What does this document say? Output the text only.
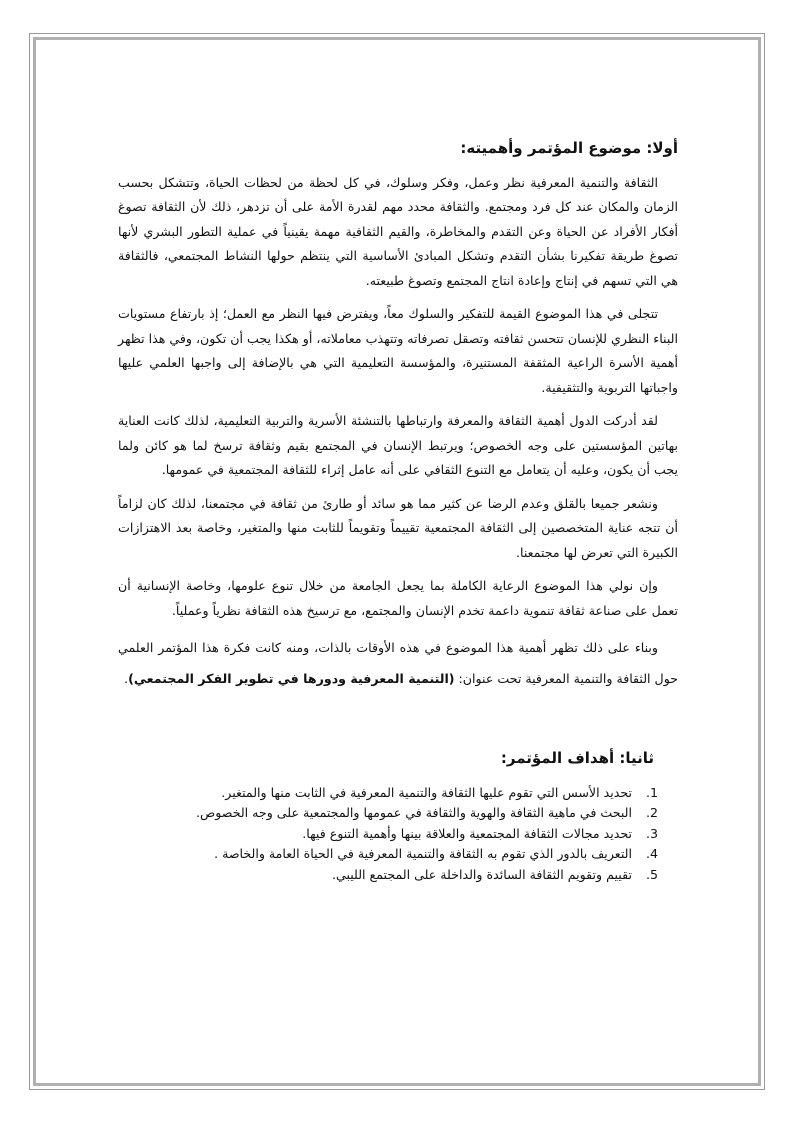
أولا: موضوع المؤتمر وأهميته:

الثقافة والتنمية المعرفية نظر وعمل، وفكر وسلوك، في كل لحظة من لحظات الحياة، وتتشكل بحسب الزمان والمكان عند كل فرد ومجتمع. والثقافة محدد مهم لقدرة الأمة على أن تزدهر، ذلك لأن الثقافة تصوغ أفكار الأفراد عن الحياة وعن التقدم والمخاطرة، والقيم الثقافية مهمة يقينياً في عملية التطور البشري لأنها تصوغ طريقة تفكيرنا بشأن التقدم وتشكل المبادئ الأساسية التي ينتظم حولها النشاط المجتمعي، فالثقافة هي التي تسهم في إنتاج وإعادة انتاج المجتمع وتصوغ طبيعته.

تتجلى في هذا الموضوع القيمة للتفكير والسلوك معاً، ويفترض فيها النظر مع العمل؛ إذ بارتفاع مستويات البناء النظري للإنسان تتحسن ثقافته وتصقل تصرفاته وتتهذب معاملاته، أو هكذا يجب أن تكون، وفي هذا تظهر أهمية الأسرة الراعية المثقفة المستنيرة، والمؤسسة التعليمية التي هي بالإضافة إلى واجبها العلمي عليها واجباتها التربوية والتثقيفية.

لقد أدركت الدول أهمية الثقافة والمعرفة وارتباطها بالتنشئة الأسرية والتربية التعليمية، لذلك كانت العناية بهاتين المؤسستين على وجه الخصوص؛ ويرتبط الإنسان في المجتمع بقيم وثقافة ترسخ لما هو كائن ولما يجب أن يكون، وعليه أن يتعامل مع التنوع الثقافي على أنه عامل إثراء للثقافة المجتمعية في عمومها.

ونشعر جميعا بالقلق وعدم الرضا عن كثير مما هو سائد أو طارئ من ثقافة في مجتمعنا، لذلك كان لزاماً أن تتجه عناية المتخصصين إلى الثقافة المجتمعية تقييماً وتقويماً للثابت منها والمتغير، وخاصة بعد الاهتزازات الكبيرة التي تعرض لها مجتمعنا.

وإن نولي هذا الموضوع الرعاية الكاملة بما يجعل الجامعة من خلال تنوع علومها، وخاصة الإنسانية أن تعمل على صناعة ثقافة تنموية داعمة تخدم الإنسان والمجتمع، مع ترسيخ هذه الثقافة نظرياً وعملياً.

وبناء على ذلك تظهر أهمية هذا الموضوع في هذه الأوقات بالذات، ومنه كانت فكرة هذا المؤتمر العلمي حول الثقافة والتنمية المعرفية تحت عنوان: (التنمية المعرفية ودورها في تطوير الفكر المجتمعي).

ثانيا: أهداف المؤتمر:
1. تحديد الأسس التي تقوم عليها الثقافة والتنمية المعرفية في الثابت منها والمتغير.
2. البحث في ماهية الثقافة والهوية والثقافة في عمومها والمجتمعية على وجه الخصوص.
3. تحديد مجالات الثقافة المجتمعية والعلاقة بينها وأهمية التنوع فيها.
4. التعريف بالدور الذي تقوم به الثقافة والتنمية المعرفية في الحياة العامة والخاصة .
5. تقييم وتقويم الثقافة السائدة والداخلة على المجتمع الليبي.
